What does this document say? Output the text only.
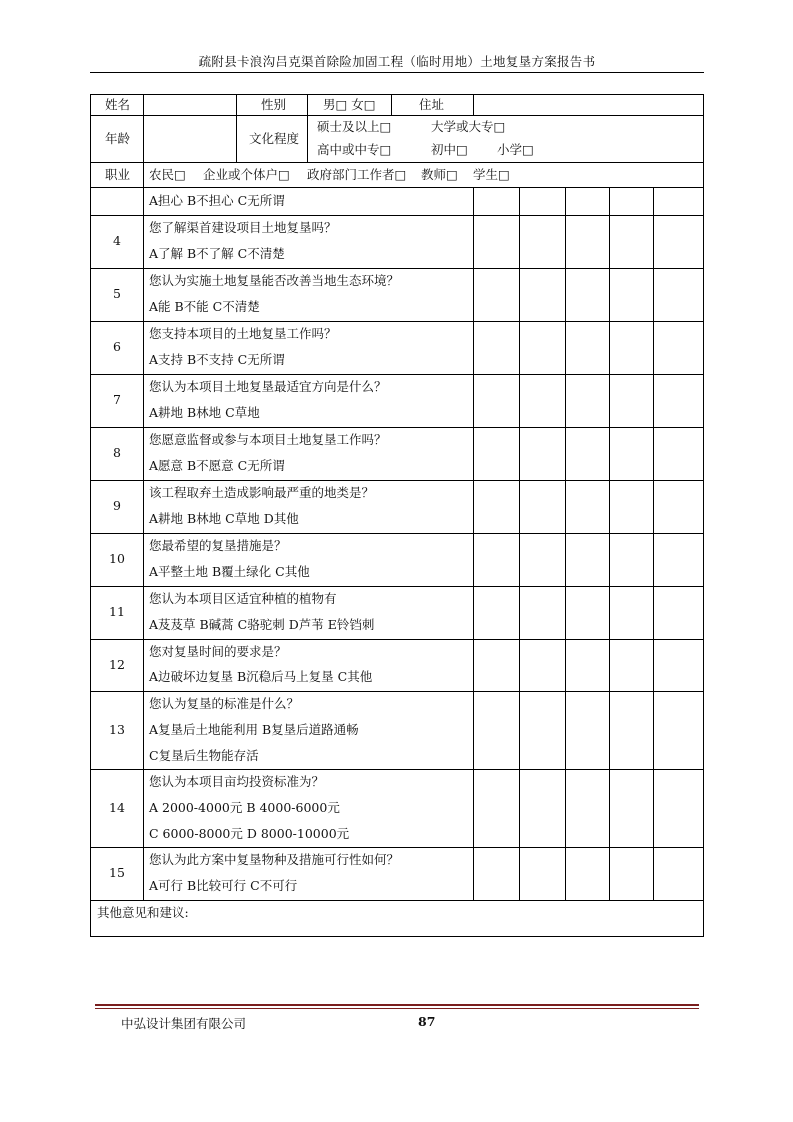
疏附县卡浪沟吕克渠首除险加固工程（临时用地）土地复垦方案报告书
姓名	性别	男□ 女□	住址
年龄	文化程度
硕士及以上□	大学或大专□
高中或中专□	初中□ 小学□
职业 农民□ 企业或个体户□ 政府部门工作者□ 教师□ 学生□
A担心 B不担心 C无所谓
4
您了解渠首建设项目土地复垦吗？
A了解 B不了解 C不清楚
5
您认为实施土地复垦能否改善当地生态环境？
A能 B不能 C不清楚
6
您支持本项目的土地复垦工作吗？
A支持 B不支持 C无所谓
7
您认为本项目土地复垦最适宜方向是什么？
A耕地 B林地 C草地
8
您愿意监督或参与本项目土地复垦工作吗？
A愿意 B不愿意 C无所谓
9
该工程取弃土造成影响最严重的地类是？
A耕地 B林地 C草地 D其他
10
您最希望的复垦措施是？
A平整土地 B覆土绿化 C其他
11
您认为本项目区适宜种植的植物有
A芨芨草 B碱蒿 C骆驼刺 D芦苇 E铃铛刺
12
您对复垦时间的要求是？
A边破坏边复垦 B沉稳后马上复垦 C其他
13
您认为复垦的标准是什么？
A复垦后土地能利用 B复垦后道路通畅
C复垦后生物能存活
14
您认为本项目亩均投资标准为？
A 2000-4000元 B 4000-6000元
C 6000-8000元 D 8000-10000元
15
您认为此方案中复垦物种及措施可行性如何？
A可行 B比较可行 C不可行
其他意见和建议:
中弘设计集团有限公司	87
